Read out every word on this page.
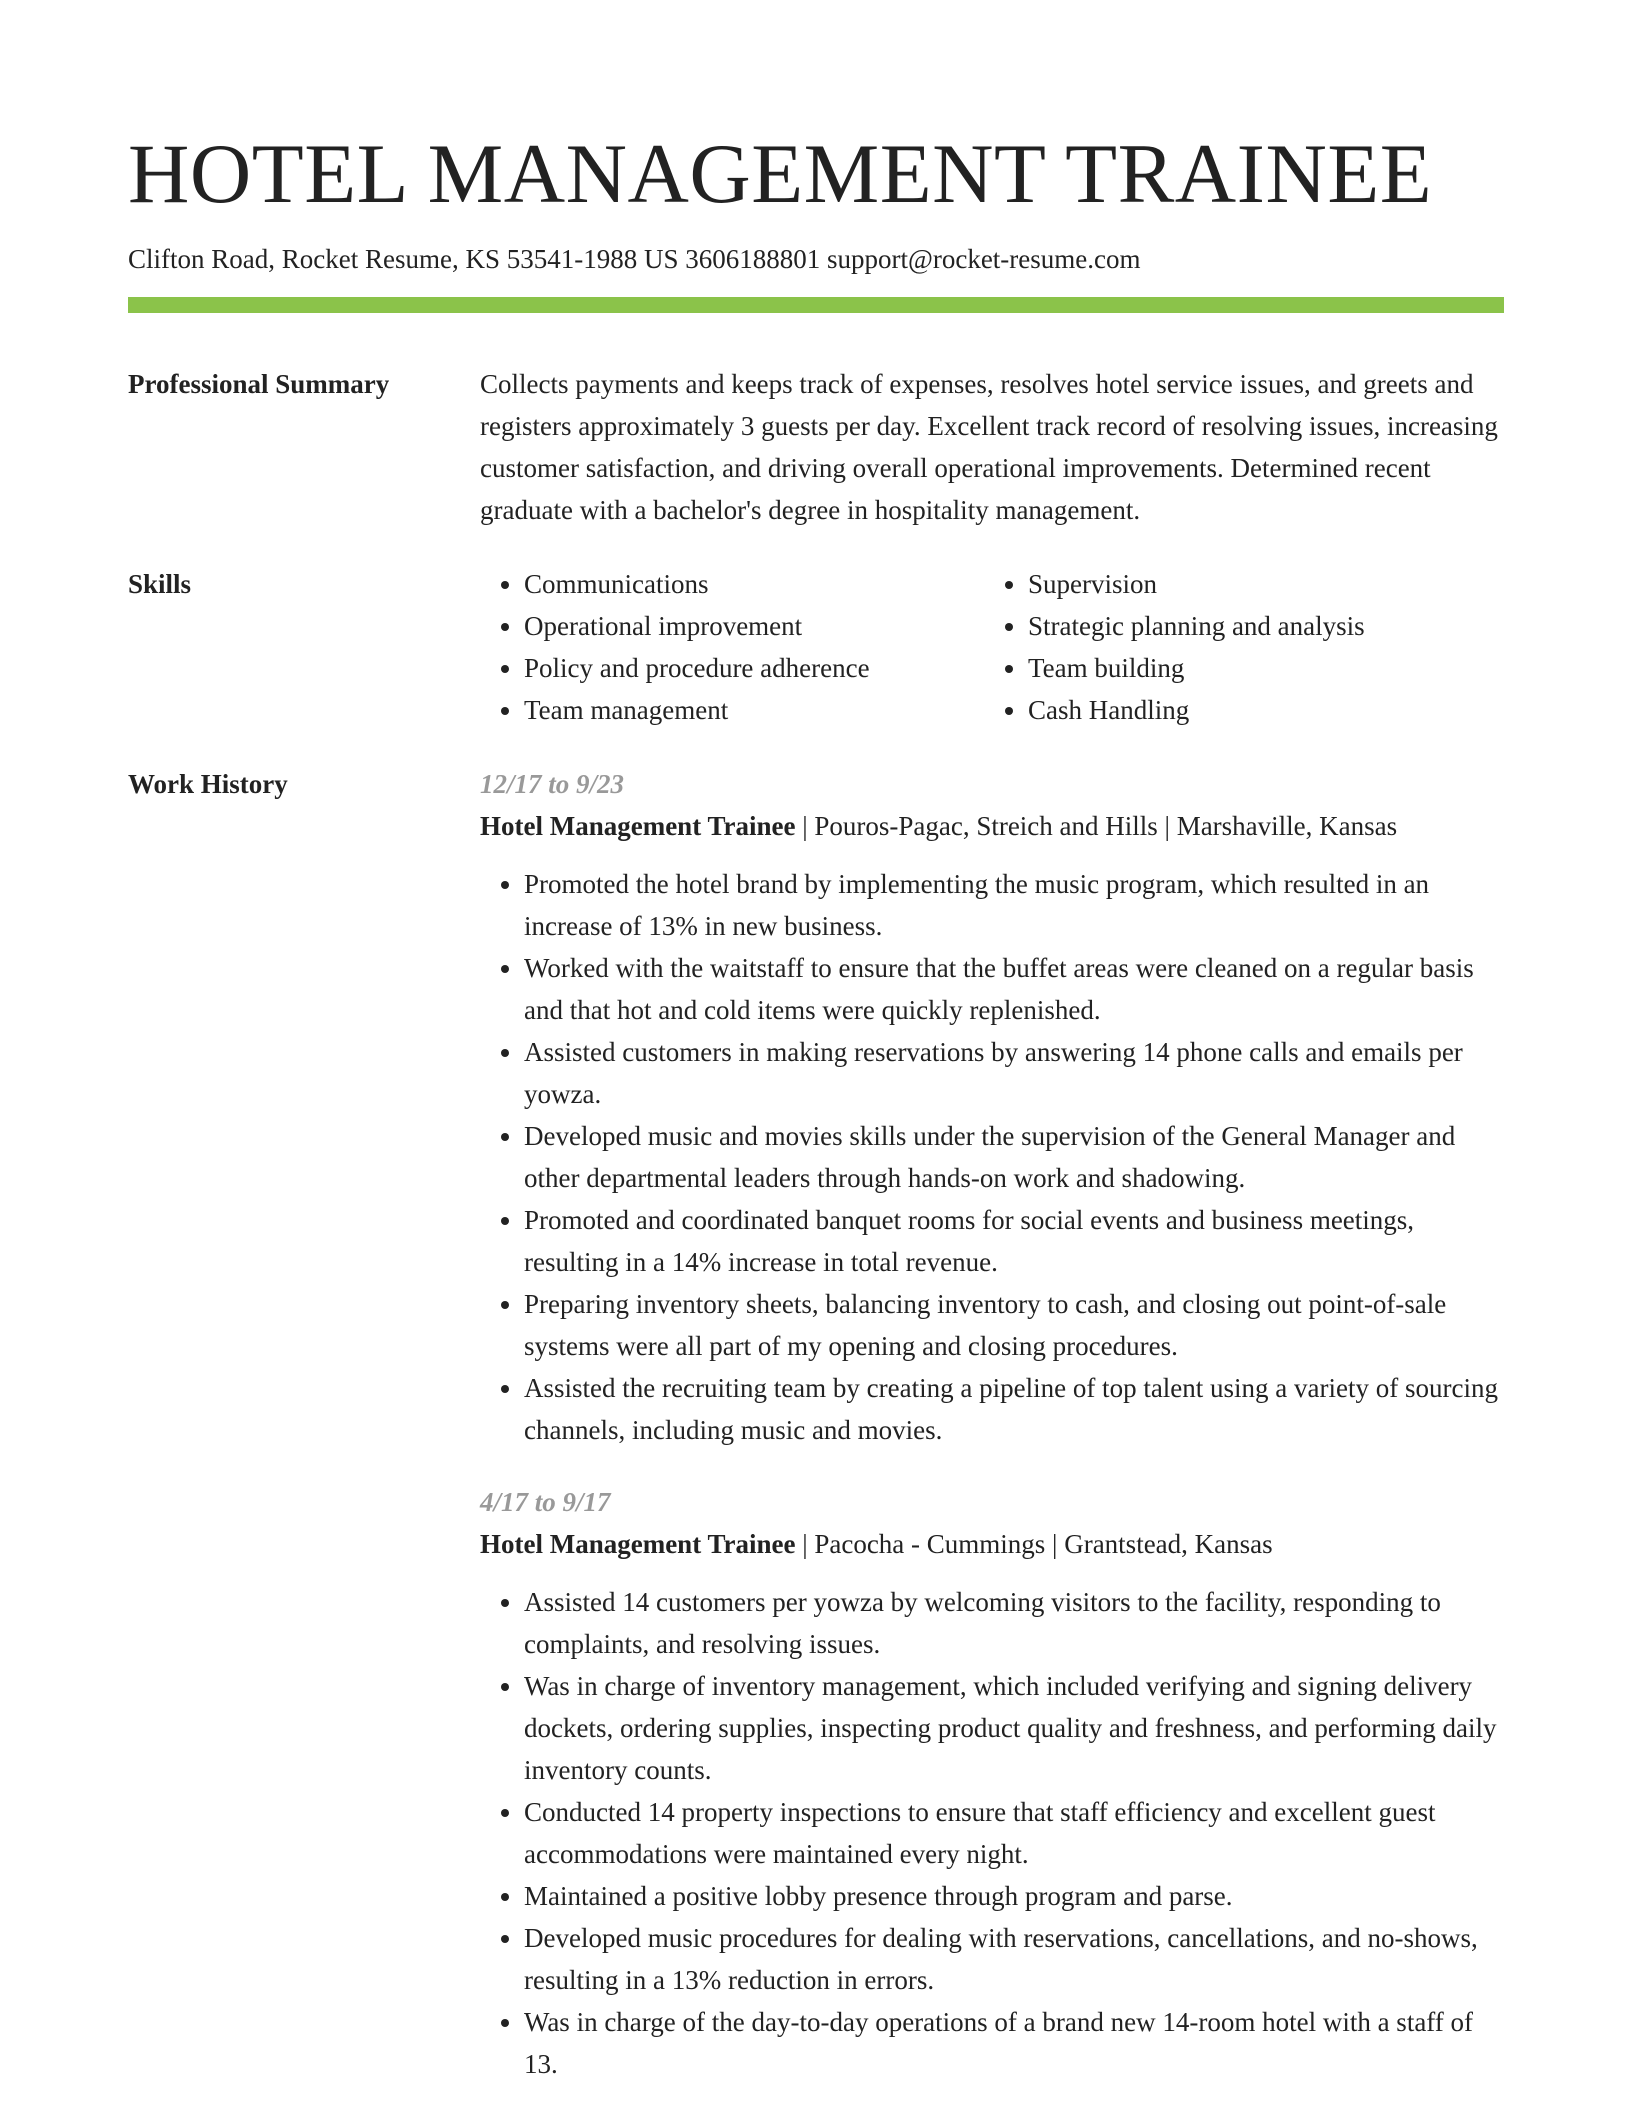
HOTEL MANAGEMENT TRAINEE
Clifton Road, Rocket Resume, KS 53541-1988 US 3606188801 support@rocket-resume.com
Professional Summary	Collects payments and keeps track of expenses, resolves hotel service issues, and greets and registers approximately 3 guests per day. Excellent track record of resolving issues, increasing customer satisfaction, and driving overall operational improvements. Determined recent graduate with a bachelor's degree in hospitality management.
Skills
•	Communications
• Operational improvement
• Policy and procedure adherence
• Team management
• Supervision
• Strategic planning and analysis
• Team building
• Cash Handling
Work History	12/17 to 9/23
Hotel Management Trainee | Pouros-Pagac, Streich and Hills | Marshaville, Kansas
• Promoted the hotel brand by implementing the music program, which resulted in an increase of 13% in new business.
• Worked with the waitstaff to ensure that the buffet areas were cleaned on a regular basis and that hot and cold items were quickly replenished.
• Assisted customers in making reservations by answering 14 phone calls and emails per yowza.
• Developed music and movies skills under the supervision of the General Manager and other departmental leaders through hands-on work and shadowing.
• Promoted and coordinated banquet rooms for social events and business meetings, resulting in a 14% increase in total revenue.
• Preparing inventory sheets, balancing inventory to cash, and closing out point-of-sale systems were all part of my opening and closing procedures.
• Assisted the recruiting team by creating a pipeline of top talent using a variety of sourcing channels, including music and movies.
4/17 to 9/17
Hotel Management Trainee | Pacocha - Cummings | Grantstead, Kansas
• Assisted 14 customers per yowza by welcoming visitors to the facility, responding to complaints, and resolving issues.
• Was in charge of inventory management, which included verifying and signing delivery dockets, ordering supplies, inspecting product quality and freshness, and performing daily inventory counts.
• Conducted 14 property inspections to ensure that staff efficiency and excellent guest accommodations were maintained every night.
• Maintained a positive lobby presence through program and parse.
• Developed music procedures for dealing with reservations, cancellations, and no-shows, resulting in a 13% reduction in errors.
• Was in charge of the day-to-day operations of a brand new 14-room hotel with a staff of 13.
